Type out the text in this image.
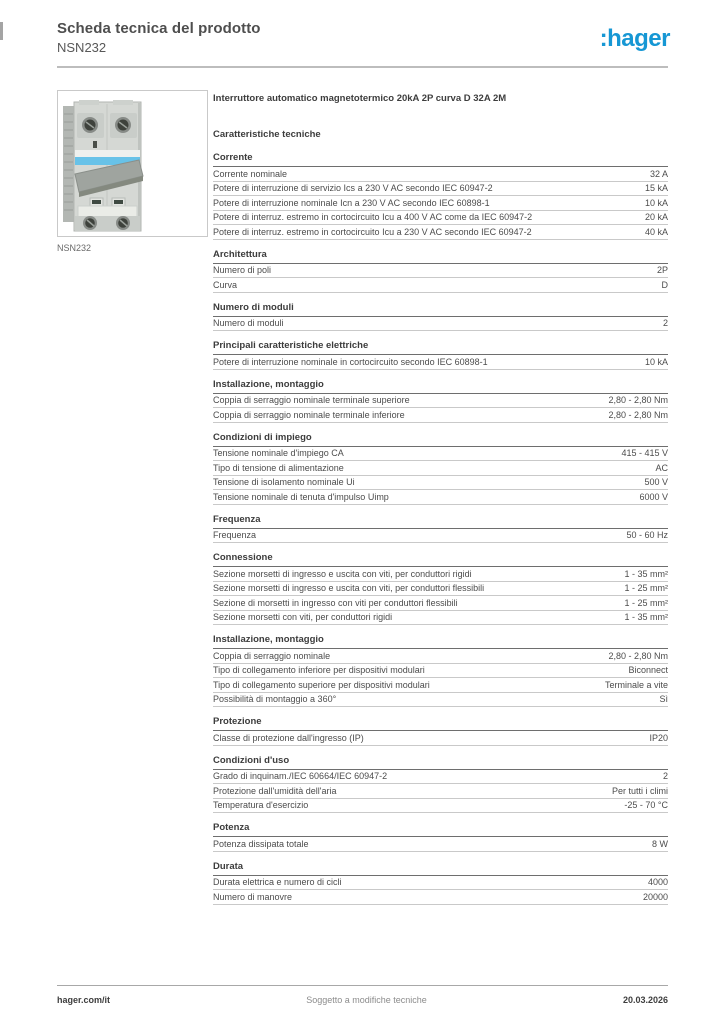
Scheda tecnica del prodotto
NSN232	:hager
NSN232
Interruttore automatico magnetotermico 20kA 2P curva D 32A 2M
Caratteristiche tecniche
Corrente
Corrente nominale	32 A
Potere di interruzione di servizio Ics a 230 V AC secondo IEC 60947-2	15 kA
Potere di interruzione nominale Icn a 230 V AC secondo IEC 60898-1	10 kA
Potere di interruz. estremo in cortocircuito Icu a 400 V AC come da IEC 60947-2	20 kA
Potere di interruz. estremo in cortocircuito Icu a 230 V AC secondo IEC 60947-2	40 kA
Architettura
Numero di poli	2P
Curva	D
Numero di moduli
Numero di moduli	2
Principali caratteristiche elettriche
Potere di interruzione nominale in cortocircuito secondo IEC 60898-1	10 kA
Installazione, montaggio
Coppia di serraggio nominale terminale superiore	2,80 - 2,80 Nm
Coppia di serraggio nominale terminale inferiore	2,80 - 2,80 Nm
Condizioni di impiego
Tensione nominale d'impiego CA	415 - 415 V
Tipo di tensione di alimentazione	AC
Tensione di isolamento nominale Ui	500 V
Tensione nominale di tenuta d'impulso Uimp	6000 V
Frequenza
Frequenza	50 - 60 Hz
Connessione
Sezione morsetti di ingresso e uscita con viti, per conduttori rigidi	1 - 35 mm²
Sezione morsetti di ingresso e uscita con viti, per conduttori flessibili	1 - 25 mm²
Sezione di morsetti in ingresso con viti per conduttori flessibili	1 - 25 mm²
Sezione morsetti con viti, per conduttori rigidi	1 - 35 mm²
Installazione, montaggio
Coppia di serraggio nominale	2,80 - 2,80 Nm
Tipo di collegamento inferiore per dispositivi modulari	Biconnect
Tipo di collegamento superiore per dispositivi modulari	Terminale a vite
Possibilità di montaggio a 360°	Sì
Protezione
Classe di protezione dall'ingresso (IP)	IP20
Condizioni d'uso
Grado di inquinam./IEC 60664/IEC 60947-2	2
Protezione dall'umidità dell'aria	Per tutti i climi
Temperatura d'esercizio	-25 - 70 °C
Potenza
Potenza dissipata totale	8 W
Durata
Durata elettrica e numero di cicli	4000
Numero di manovre	20000
hager.com/it	Soggetto a modifiche tecniche	20.03.2026
